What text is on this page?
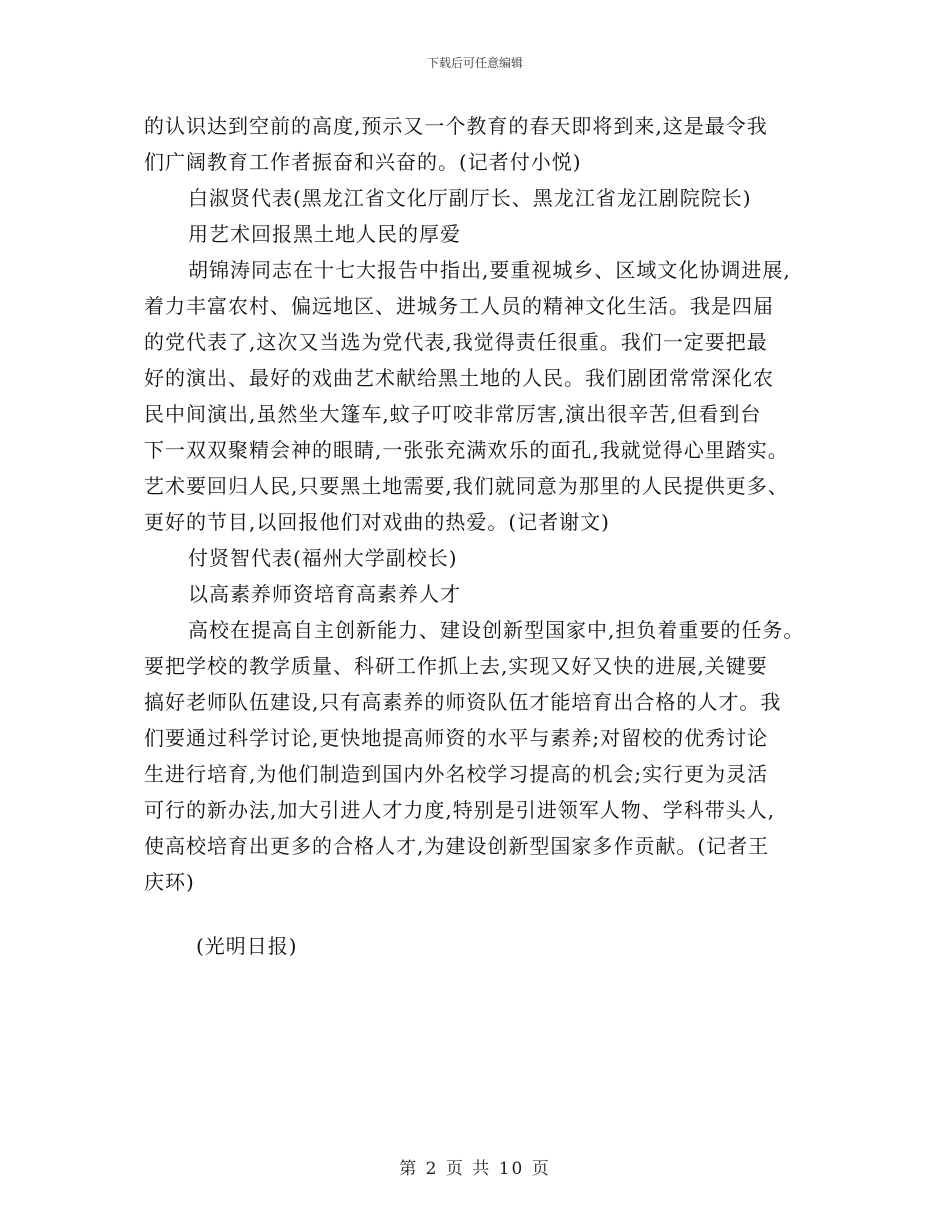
下载后可任意编辑
的认识达到空前的高度,预示又一个教育的春天即将到来,这是最令我
们广阔教育工作者振奋和兴奋的。(记者付小悦)
白淑贤代表(黑龙江省文化厅副厅长、黑龙江省龙江剧院院长)
用艺术回报黑土地人民的厚爱
胡锦涛同志在十七大报告中指出,要重视城乡、区域文化协调进展,
着力丰富农村、偏远地区、进城务工人员的精神文化生活。我是四届
的党代表了,这次又当选为党代表,我觉得责任很重。我们一定要把最
好的演出、最好的戏曲艺术献给黑土地的人民。我们剧团常常深化农
民中间演出,虽然坐大篷车,蚊子叮咬非常厉害,演出很辛苦,但看到台
下一双双聚精会神的眼睛,一张张充满欢乐的面孔,我就觉得心里踏实。
艺术要回归人民,只要黑土地需要,我们就同意为那里的人民提供更多、
更好的节目,以回报他们对戏曲的热爱。(记者谢文)
付贤智代表(福州大学副校长)
以高素养师资培育高素养人才
高校在提高自主创新能力、建设创新型国家中,担负着重要的任务。
要把学校的教学质量、科研工作抓上去,实现又好又快的进展,关键要
搞好老师队伍建设,只有高素养的师资队伍才能培育出合格的人才。我
们要通过科学讨论,更快地提高师资的水平与素养;对留校的优秀讨论
生进行培育,为他们制造到国内外名校学习提高的机会;实行更为灵活
可行的新办法,加大引进人才力度,特别是引进领军人物、学科带头人,
使高校培育出更多的合格人才,为建设创新型国家多作贡献。(记者王
庆环)
(光明日报)
第 2 页 共 10 页
